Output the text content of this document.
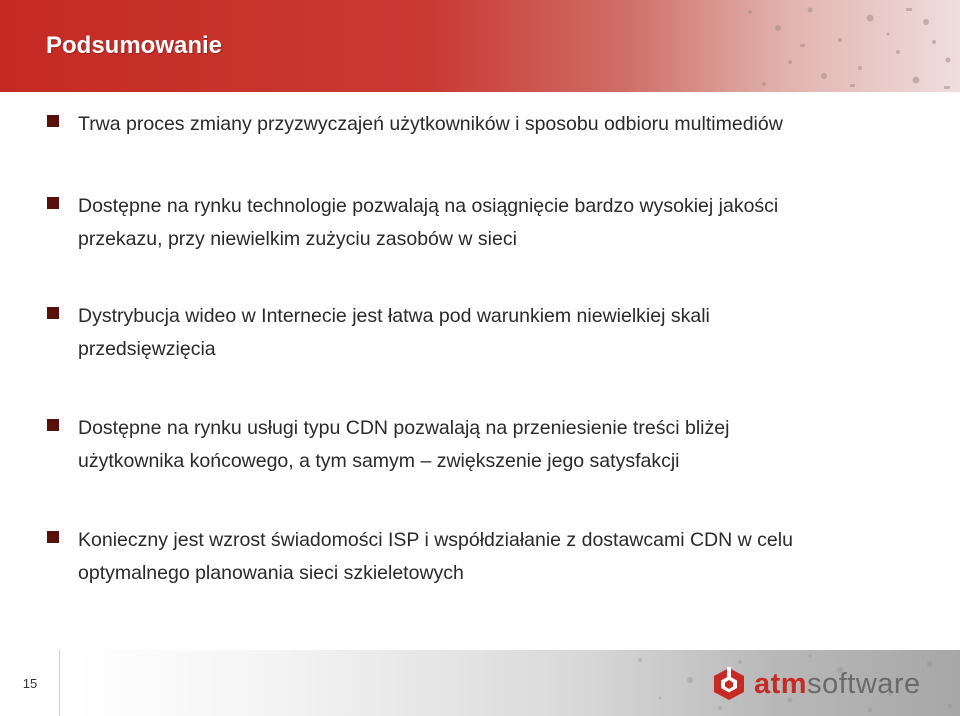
Podsumowanie
Trwa proces zmiany przyzwyczajeń użytkowników i sposobu odbioru multimediów
Dostępne na rynku technologie pozwalają na osiągnięcie bardzo wysokiej jakości
przekazu, przy niewielkim zużyciu zasobów w sieci
Dystrybucja wideo w Internecie jest łatwa pod warunkiem niewielkiej skali
przedsięwzięcia
Dostępne na rynku usługi typu CDN pozwalają na przeniesienie treści bliżej
użytkownika końcowego, a tym samym – zwiększenie jego satysfakcji
Konieczny jest wzrost świadomości ISP i współdziałanie z dostawcami CDN w celu
optymalnego planowania sieci szkieletowych
15	atmsoftware
